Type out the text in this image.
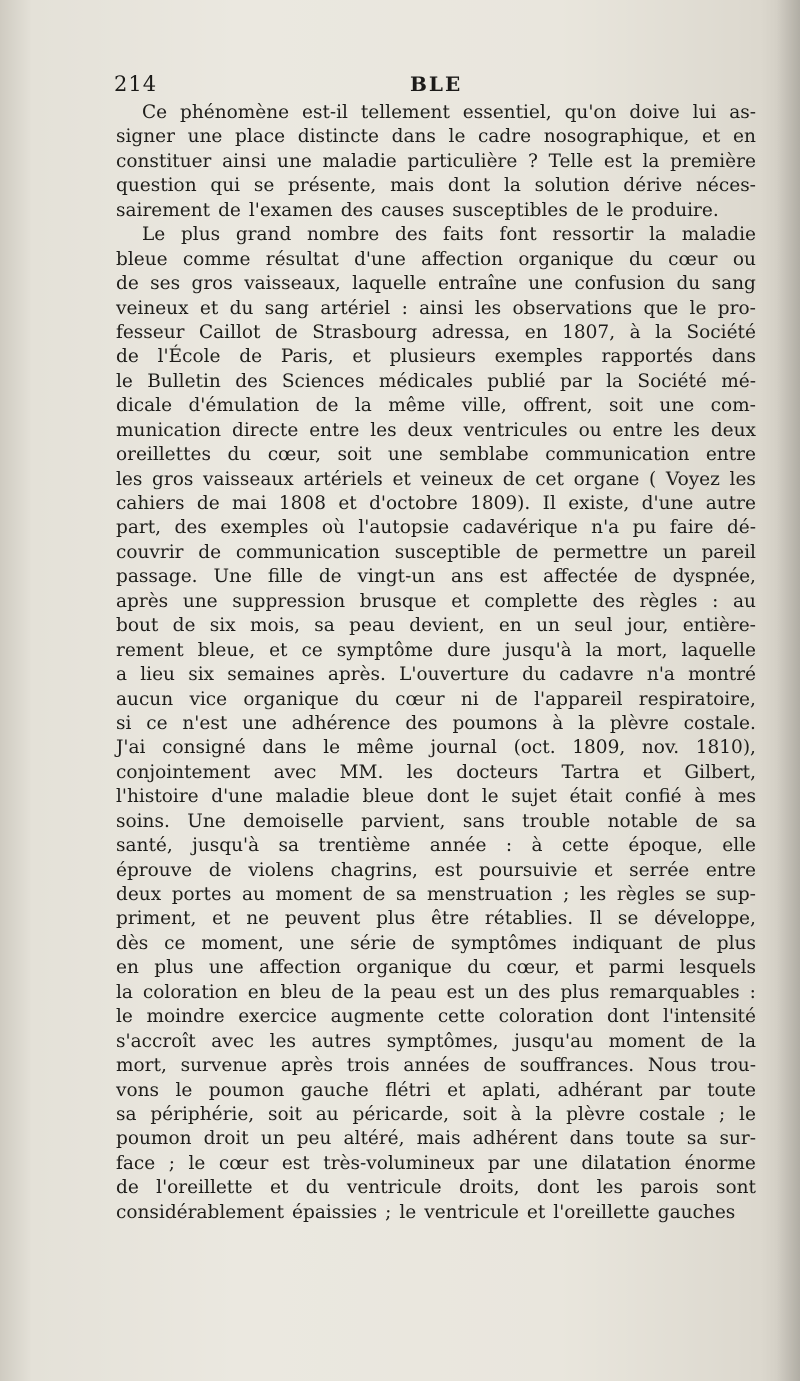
214	BLE
Ce phénomène est-il tellement essentiel, qu'on doive lui as-
signer une place distincte dans le cadre nosographique, et en
constituer ainsi une maladie particulière ? Telle est la première
question qui se présente, mais dont la solution dérive néces-
sairement de l'examen des causes susceptibles de le produire.
Le plus grand nombre des faits font ressortir la maladie
bleue comme résultat d'une affection organique du cœur ou
de ses gros vaisseaux, laquelle entraîne une confusion du sang
veineux et du sang artériel : ainsi les observations que le pro-
fesseur Caillot de Strasbourg adressa, en 1807, à la Société
de l'École de Paris, et plusieurs exemples rapportés dans
le Bulletin des Sciences médicales publié par la Société mé-
dicale d'émulation de la même ville, offrent, soit une com-
munication directe entre les deux ventricules ou entre les deux
oreillettes du cœur, soit une semblabe communication entre
les gros vaisseaux artériels et veineux de cet organe ( Voyez les
cahiers de mai 1808 et d'octobre 1809). Il existe, d'une autre
part, des exemples où l'autopsie cadavérique n'a pu faire dé-
couvrir de communication susceptible de permettre un pareil
passage. Une fille de vingt-un ans est affectée de dyspnée,
après une suppression brusque et complette des règles : au
bout de six mois, sa peau devient, en un seul jour, entière-
rement bleue, et ce symptôme dure jusqu'à la mort, laquelle
a lieu six semaines après. L'ouverture du cadavre n'a montré
aucun vice organique du cœur ni de l'appareil respiratoire,
si ce n'est une adhérence des poumons à la plèvre costale.
J'ai consigné dans le même journal (oct. 1809, nov. 1810),
conjointement avec MM. les docteurs Tartra et Gilbert,
l'histoire d'une maladie bleue dont le sujet était confié à mes
soins. Une demoiselle parvient, sans trouble notable de sa
santé, jusqu'à sa trentième année : à cette époque, elle
éprouve de violens chagrins, est poursuivie et serrée entre
deux portes au moment de sa menstruation ; les règles se sup-
priment, et ne peuvent plus être rétablies. Il se développe,
dès ce moment, une série de symptômes indiquant de plus
en plus une affection organique du cœur, et parmi lesquels
la coloration en bleu de la peau est un des plus remarquables :
le moindre exercice augmente cette coloration dont l'intensité
s'accroît avec les autres symptômes, jusqu'au moment de la
mort, survenue après trois années de souffrances. Nous trou-
vons le poumon gauche flétri et aplati, adhérant par toute
sa périphérie, soit au péricarde, soit à la plèvre costale ; le
poumon droit un peu altéré, mais adhérent dans toute sa sur-
face ; le cœur est très-volumineux par une dilatation énorme
de l'oreillette et du ventricule droits, dont les parois sont
considérablement épaissies ; le ventricule et l'oreillette gauches
